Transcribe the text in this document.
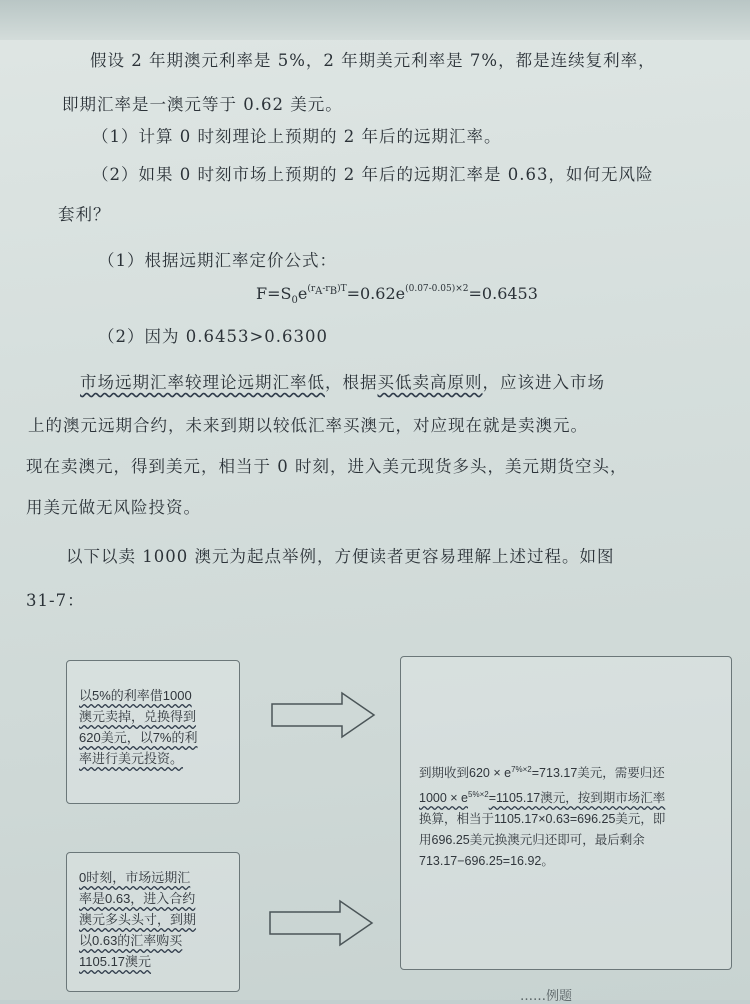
假设 2 年期澳元利率是 5%，2 年期美元利率是 7%，都是连续复利率，
即期汇率是一澳元等于 0.62 美元。
（1）计算 0 时刻理论上预期的 2 年后的远期汇率。
（2）如果 0 时刻市场上预期的 2 年后的远期汇率是 0.63，如何无风险
套利？
（1）根据远期汇率定价公式：
$F=S_0e^{(r_A-r_B)T}=0.62e^{(0.07-0.05)\times 2}=0.6453$
（2）因为 0.6453>0.6300
市场远期汇率较理论远期汇率低，根据买低卖高原则，应该进入市场
上的澳元远期合约，未来到期以较低汇率买澳元，对应现在就是卖澳元。
现在卖澳元，得到美元，相当于 0 时刻，进入美元现货多头，美元期货空头，
用美元做无风险投资。
以下以卖 1000 澳元为起点举例，方便读者更容易理解上述过程。如图
31-7：
以5%的利率借1000
澳元卖掉，兑换得到
620美元，以7%的利
率进行美元投资。
0时刻，市场远期汇
率是0.63，进入合约
澳元多头头寸，到期
以0.63的汇率购买
1105.17澳元
到期收到$620 \times e^{7\%\times 2}=713.17$美元，需要归还
$1000 \times e^{5\%\times 2}=1105.17$澳元，按到期市场汇率
换算，相当于1105.17×0.63=696.25美元，即
用696.25美元换澳元归还即可，最后剩余
713.17−696.25=16.92。
……例题
